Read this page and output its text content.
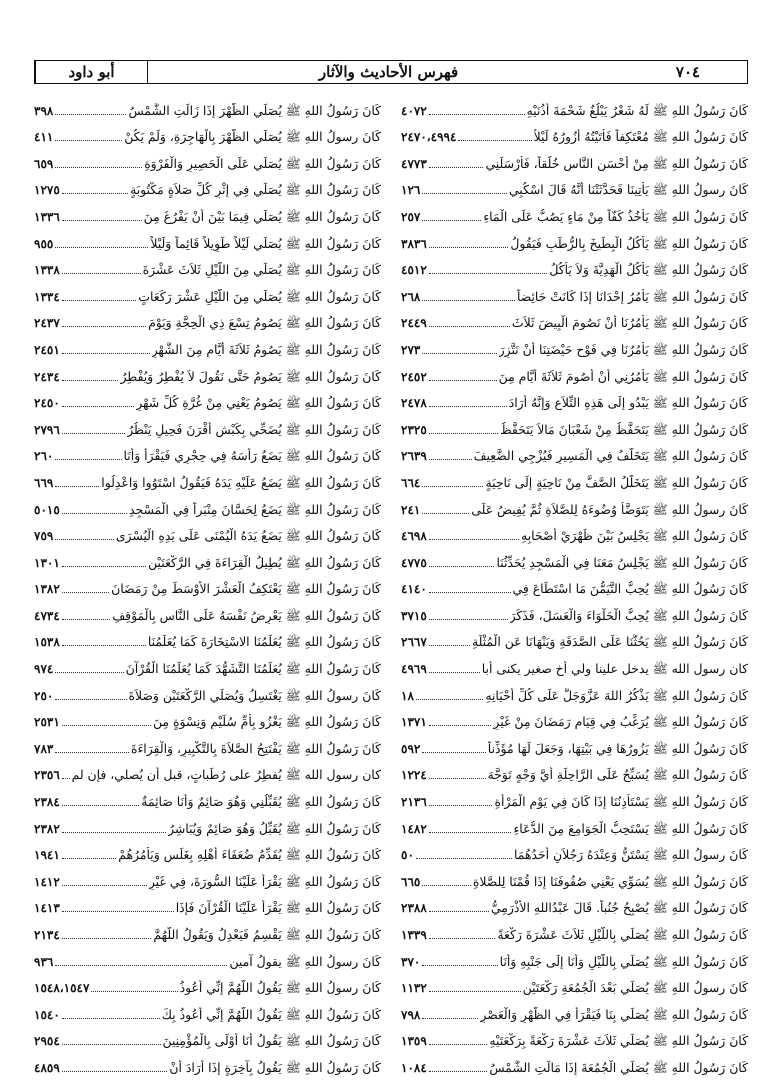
٧٠٤
فهرس الأحاديث والآثار
أبو داود
كَانَ رَسُولُ اللهِ ﷺ لَهُ شَعْرٌ يَبْلُغُ شَحْمَةَ أُذُنَيْهِ
٤٠٧٢
كَانَ رَسُولُ اللهِ ﷺ مُعْتَكِفاً فَأَتَيْتُهُ أَزُورُهُ لَيْلاً
٢٤٧٠،٤٩٩٤
كَانَ رَسُولُ اللهِ ﷺ مِنْ أَحْسَنِ النَّاسِ خُلُقاً، فَأَرْسَلَنِي
٤٧٧٣
كَانَ رسولُ اللهِ ﷺ يَأْتِينَا فَحَدَّثَتْنَا أَنَّهُ قَالَ اسْكُبِي
١٢٦
كَانَ رَسُولُ اللهِ ﷺ يَأْخُذُ كَفّاً مِنْ مَاءٍ يَصُبُّ عَلَى الْمَاءِ
٢٥٧
كَانَ رَسُولُ اللهِ ﷺ يَأْكُلُ الْبِطِّيخَ بِالرُّطَبِ فَيَقُولُ
٣٨٣٦
كَانَ رَسُولُ اللهِ ﷺ يَأْكُلُ الْهَدِيَّةَ وَلاَ يَأْكُلُ
٤٥١٢
كَانَ رَسُولُ اللهِ ﷺ يَأْمُرُ إِحْدَانَا إِذَا كَانَتْ حَائِضاً
٢٦٨
كَانَ رَسُولُ اللهِ ﷺ يَأْمُرُنَا أَنْ نَصُومَ الْبِيضَ ثَلاَثَ
٢٤٤٩
كَانَ رَسُولُ اللهِ ﷺ يَأْمُرُنَا فِي فَوْحِ حَيْضَتِنَا أَنْ نَتَّزِرَ
٢٧٣
كَانَ رَسُولُ اللهِ ﷺ يَأْمُرُنِي أَنْ أَصُومَ ثَلاَثَةَ أَيَّامٍ مِنَ
٢٤٥٢
كَانَ رَسُولُ اللهِ ﷺ يَبْدُو إِلَى هَذِهِ التِّلاَعِ وَإِنَّهُ أَرَادَ
٢٤٧٨
كَانَ رَسُولُ اللهِ ﷺ يَتَحَفَّظُ مِنْ شَعْبَانَ مَالاَ يَتَحَفَّظُ
٢٣٢٥
كَانَ رَسُولُ اللهِ ﷺ يَتَخَلَّفُ فِي الْمَسِيرِ فَيُزْجِي الضَّعِيفَ
٢٦٣٩
كَانَ رَسُولُ اللهِ ﷺ يَتَخَلَّلُ الصَّفَّ مِنْ نَاحِيَةٍ إِلَى نَاحِيَةٍ
٦٦٤
كَانَ رسولُ اللهِ ﷺ يَتَوَضَّأُ وُضُوءَهُ لِلصَّلاَةِ ثُمَّ يُفِيضُ عَلَى
٢٤١
كَانَ رَسُولُ اللهِ ﷺ يَجْلِسُ بَيْنَ ظَهْرَيْ أَصْحَابِهِ
٤٦٩٨
كَانَ رَسُولُ اللهِ ﷺ يَجْلِسُ مَعَنَا فِي الْمَسْجِدِ يُحَدِّثُنَا
٤٧٧٥
كَانَ رَسُولُ اللهِ ﷺ يُحِبُّ التَّيَمُّنَ مَا اسْتَطَاعَ فِي
٤١٤٠
كَانَ رَسُولُ اللهِ ﷺ يُحِبُّ الْحَلْوَاءَ وَالْعَسَلَ، فَذَكَرَ
٣٧١٥
كَانَ رَسُولُ اللهِ ﷺ يَحُثُّنَا عَلَى الصَّدَقَةِ وَيَنْهَانَا عَنِ الْمُثْلَةِ
٢٦٦٧
كان رسول الله ﷺ يدخل علينا ولي أخ صغير يكنى أبا
٤٩٦٩
كَانَ رَسُولُ اللهِ ﷺ يَذْكُرُ اللهَ عَزَّوَجَلَّ عَلَى كُلِّ أَحْيَانِهِ
١٨
كَانَ رَسُولُ اللهِ ﷺ يُرَغِّبُ فِي قِيَامِ رَمَضَانَ مِنْ غَيْرِ
١٣٧١
كَانَ رَسُولُ اللهِ ﷺ يَزُورُهَا فِي بَيْتِهَا، وَجَعَلَ لَهَا مُؤَذِّناً
٥٩٢
كَانَ رَسُولُ اللهِ ﷺ يُسَبِّحُ عَلَى الرَّاحِلَةِ أَيَّ وَجْهٍ تَوَجَّهَ
١٢٢٤
كَانَ رَسُولُ اللهِ ﷺ يَسْتَأْذِنُنَا إِذَا كَانَ فِي يَوْمِ الْمَرْأَةِ
٢١٣٦
كَانَ رَسُولُ اللهِ ﷺ يَسْتَحِبُّ الْجَوَامِعَ مِنَ الدُّعَاءِ
١٤٨٢
كَانَ رسولُ اللهِ ﷺ يَسْتَنُّ وَعِنْدَهُ رَجُلاَنِ أَحَدُهُمَا
٥٠
كَانَ رَسُولُ اللهِ ﷺ يُسَوِّي يَعْنِي صُفُوفَنَا إِذَا قُمْنَا لِلصَّلاةِ
٦٦٥
كَانَ رَسُولُ اللهِ ﷺ يُصْبِحُ جُنُباً. قَالَ عَبْدُاللهِ الأَذْرَمِيُّ
٢٣٨٨
كَانَ رَسُولُ اللهِ ﷺ يُصَلِّي بِاللَّيْلِ ثَلاَثَ عَشْرَةَ رَكْعَةً
١٣٣٩
كَانَ رَسُولُ اللهِ ﷺ يُصَلِّي بِاللَّيْلِ وَأَنَا إِلَى جَنْبِهِ وَأَنَا
٣٧٠
كَانَ رسولُ اللهِ ﷺ يُصَلِّي بَعْدَ الْجُمُعَةِ رَكْعَتَيْنِ
١١٣٢
كَانَ رَسُولُ اللهِ ﷺ يُصَلِّي بِنَا فَيَقْرَأُ فِي الظُّهْرِ وَالْعَصْرِ
٧٩٨
كَانَ رَسُولُ اللهِ ﷺ يُصَلِّي ثَلاَثَ عَشْرَةَ رَكْعَةً بِرَكْعَتَيْهِ
١٣٥٩
كَانَ رَسُولُ اللهِ ﷺ يُصَلِّي الْجُمُعَةَ إِذَا مَالَتِ الشَّمْسُ
١٠٨٤
كَانَ رَسُولُ اللهِ ﷺ يُصَلِّي الظُّهْرَ إِذَا زَالَتِ الشَّمْسُ
٣٩٨
كَانَ رسولُ اللهِ ﷺ يُصَلِّي الظُّهْرَ بِالْهَاجِرَةِ، وَلَمْ يَكُنْ
٤١١
كَانَ رَسُولُ اللهِ ﷺ يُصَلِّي عَلَى الْحَصِيرِ وَالْفَرْوَةِ
٦٥٩
كَانَ رَسُولُ اللهِ ﷺ يُصَلِّي فِي إِثْرِ كُلِّ صَلاَةٍ مَكْتُوبَةٍ
١٢٧٥
كَانَ رَسُولُ اللهِ ﷺ يُصَلِّي فِيمَا بَيْنَ أَنْ يَفْرُغَ مِنَ
١٣٣٦
كَانَ رَسُولُ اللهِ ﷺ يُصَلِّي لَيْلاً طَوِيلاً قَائِماً وَلَيْلاً
٩٥٥
كَانَ رَسُولُ اللهِ ﷺ يُصَلِّي مِنَ اللَّيْلِ ثَلاَثَ عَشْرَةَ
١٣٣٨
كَانَ رَسُولُ اللهِ ﷺ يُصَلِّي مِنَ اللَّيْلِ عَشْرَ رَكَعَاتٍ
١٣٣٤
كَانَ رَسُولُ اللهِ ﷺ يَصُومُ تِسْعَ ذِي الْحِجَّةِ وَيَوْمَ
٢٤٣٧
كَانَ رَسُولُ اللهِ ﷺ يَصُومُ ثَلاَثَةَ أَيَّامٍ مِنَ الشَّهْرِ
٢٤٥١
كَانَ رَسُولُ اللهِ ﷺ يَصُومُ حَتَّى نَقُولَ لاَ يُفْطِرُ وَيُفْطِرُ
٢٤٣٤
كَانَ رَسُولُ اللهِ ﷺ يَصُومُ يَعْنِي مِنْ غُرَّةِ كُلِّ شَهْرٍ
٢٤٥٠
كَانَ رَسُولُ اللهِ ﷺ يُضَحِّي بِكَبْشٍ أَقْرَنَ فَحِيلٍ يَنْظُرُ
٢٧٩٦
كَانَ رَسُولُ اللهِ ﷺ يَضَعُ رَأْسَهُ فِي حِجْرِي فَيَقْرَأُ وَأَنَا
٢٦٠
كَانَ رَسُولُ اللهِ ﷺ يَضَعُ عَلَيْهِ يَدَهُ فَيَقُولُ اسْتَوُوا وَاعْدِلُوا
٦٦٩
كَانَ رَسُولُ اللهِ ﷺ يَضَعُ لِحَسَّانَ مِنْبَراً فِي الْمَسْجِدِ
٥٠١٥
كَانَ رَسُولُ اللهِ ﷺ يَضَعُ يَدَهُ الْيُمْنَى عَلَى يَدِهِ الْيُسْرَى
٧٥٩
كَانَ رَسُولُ اللهِ ﷺ يُطِيلُ الْقِرَاءَةَ فِي الرَّكْعَتَيْنِ
١٣٠١
كَانَ رَسُولُ اللهِ ﷺ يَعْتَكِفُ الْعَشْرَ الأَوْسَطَ مِنْ رَمَضَانَ
١٣٨٢
كَانَ رَسُولُ اللهِ ﷺ يَعْرِضُ نَفْسَهُ عَلَى النَّاسِ بِالْمَوْقِفِ
٤٧٣٤
كَانَ رَسُولُ اللهِ ﷺ يُعَلِّمُنَا الاسْتِخَارَةَ كَمَا يُعَلِّمُنَا
١٥٣٨
كَانَ رَسُولُ اللهِ ﷺ يُعَلِّمُنَا التَّشَهُّدَ كَمَا يُعَلِّمُنَا الْقُرْآنَ
٩٧٤
كَانَ رسولُ اللهِ ﷺ يَغْتَسِلُ وَيُصَلِّي الرَّكْعَتَيْنِ وَصَلاَةَ
٢٥٠
كَانَ رَسُولُ اللهِ ﷺ يَغْزُو بِأُمِّ سُلَيْمٍ وَنِسْوَةٍ مِنَ
٢٥٣١
كَانَ رَسُولُ اللهِ ﷺ يَفْتَتِحُ الصَّلاَةَ بِالتَّكْبِيرِ، وَالْقِرَاءَةَ
٧٨٣
كان رسول الله ﷺ يُفطِرُ على رُطَباتٍ، قبل أن يُصلي، فإن لم
٢٣٥٦
كَانَ رَسُولُ اللهِ ﷺ يُقَبِّلُنِي وَهُوَ صَائِمٌ وَأَنَا صَائِمَةٌ
٢٣٨٤
كَانَ رَسُولُ اللهِ ﷺ يُقَبِّلُ وَهُوَ صَائِمٌ وَيُبَاشِرُ
٢٣٨٢
كَانَ رَسُولُ اللهِ ﷺ يُقَدِّمُ ضُعَفَاءَ أَهْلِهِ بِغَلَسٍ وَيَأْمُرُهُمْ
١٩٤١
كَانَ رَسُولُ اللهِ ﷺ يَقْرَأُ عَلَيْنَا السُّورَةَ، فِي غَيْرِ
١٤١٢
كَانَ رَسُولُ اللهِ ﷺ يَقْرَأُ عَلَيْنَا الْقُرْآنَ فَإِذَا
١٤١٣
كَانَ رَسُولُ اللهِ ﷺ يَقْسِمُ فَيَعْدِلُ وَيَقُولُ اللَّهُمَّ
٢١٣٤
كَانَ رسولُ اللهِ ﷺ يقولُ آمين
٩٣٦
كَانَ رسولُ اللهِ ﷺ يَقُولُ اللَّهُمَّ إِنِّي أَعُوذُ
١٥٤٨،١٥٤٧
كَانَ رَسُولُ اللهِ ﷺ يَقُولُ اللَّهُمَّ إِنِّي أَعُوذُ بِكَ
١٥٤٠
كَانَ رَسُولُ اللهِ ﷺ يَقُولُ أَنَا أَوْلَى بِالْمُؤْمِنِينَ
٢٩٥٤
كَانَ رَسُولُ اللهِ ﷺ يَقُولُ بِآخِرَةٍ إِذَا أَرَادَ أَنْ
٤٨٥٩
